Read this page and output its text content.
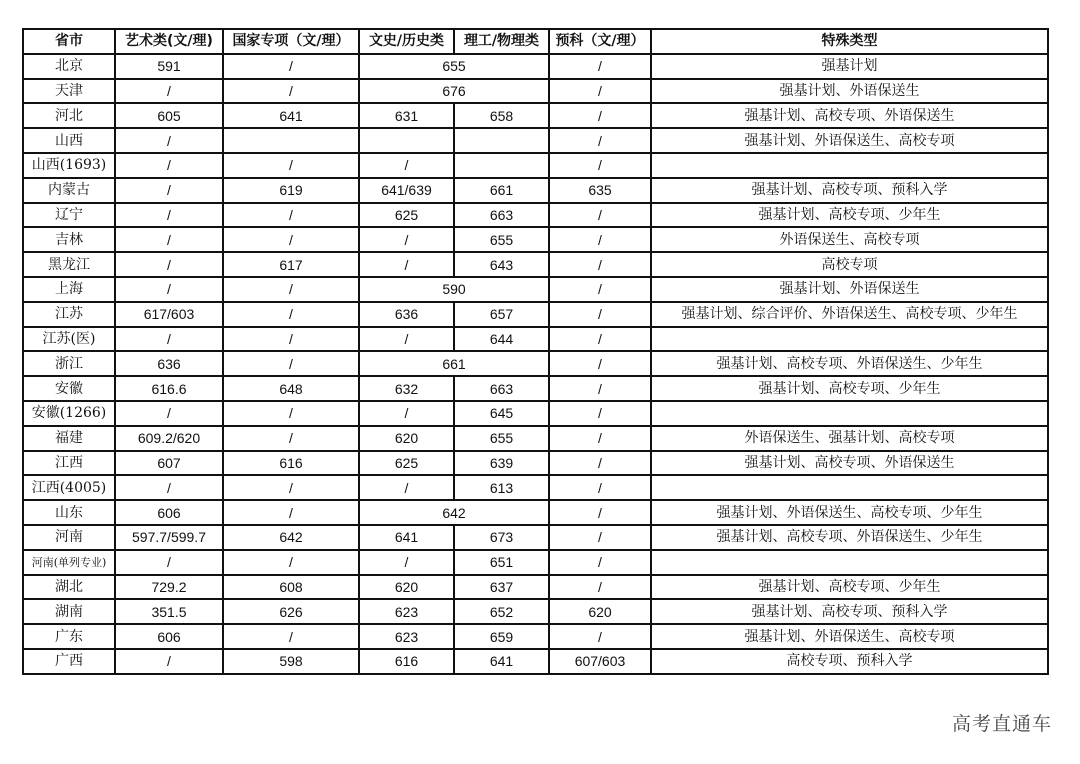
省市	艺术类(文/理)	国家专项（文/理）	文史/历史类	理工/物理类	预科（文/理）	特殊类型
北京	591	/	655		/	强基计划
天津	/	/	676		/	强基计划、外语保送生
河北	605	641	631	658	/	强基计划、高校专项、外语保送生
山西	/				/	强基计划、外语保送生、高校专项
山西(1693)	/	/	/		/	
内蒙古	/	619	641/639	661	635	强基计划、高校专项、预科入学
辽宁	/	/	625	663	/	强基计划、高校专项、少年生
吉林	/	/	/	655	/	外语保送生、高校专项
黑龙江	/	617	/	643	/	高校专项
上海	/	/	590		/	强基计划、外语保送生
江苏	617/603	/	636	657	/	强基计划、综合评价、外语保送生、高校专项、少年生
江苏(医)	/	/	/	644	/	
浙江	636	/	661		/	强基计划、高校专项、外语保送生、少年生
安徽	616.6	648	632	663	/	强基计划、高校专项、少年生
安徽(1266)	/	/	/	645	/	
福建	609.2/620	/	620	655	/	外语保送生、强基计划、高校专项
江西	607	616	625	639	/	强基计划、高校专项、外语保送生
江西(4005)	/	/	/	613	/	
山东	606	/	642		/	强基计划、外语保送生、高校专项、少年生
河南	597.7/599.7	642	641	673	/	强基计划、高校专项、外语保送生、少年生
河南(单列专业)	/	/	/	651	/	
湖北	729.2	608	620	637	/	强基计划、高校专项、少年生
湖南	351.5	626	623	652	620	强基计划、高校专项、预科入学
广东	606	/	623	659	/	强基计划、外语保送生、高校专项
广西	/	598	616	641	607/603	高校专项、预科入学
高考直通车
